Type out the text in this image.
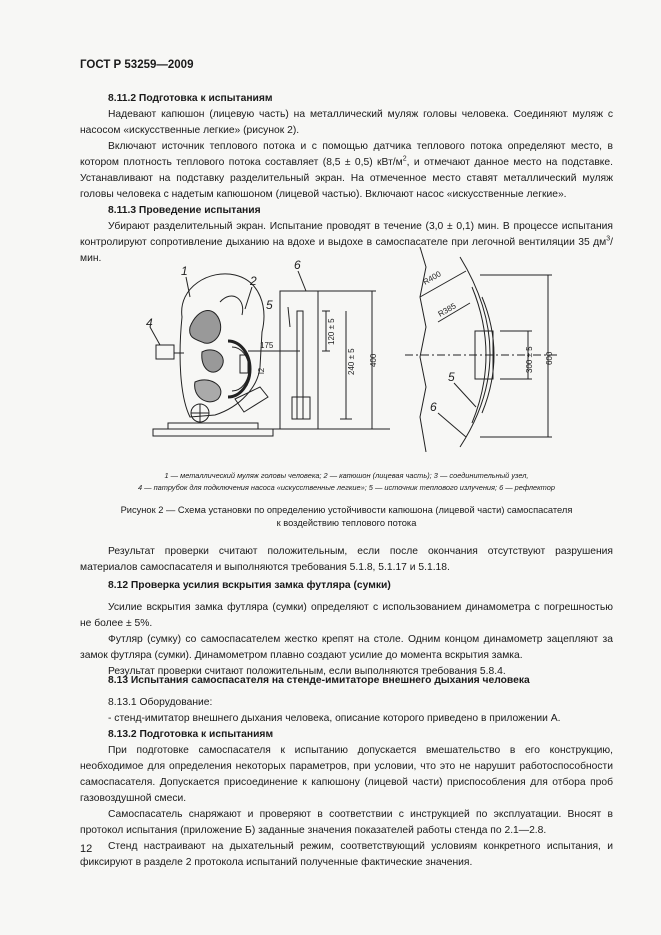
ГОСТ Р 53259—2009

8.11.2 Подготовка к испытаниям

Надевают капюшон (лицевую часть) на металлический муляж головы человека. Соединяют муляж с насосом «искусственные легкие» (рисунок 2).

Включают источник теплового потока и с помощью датчика теплового потока определяют место, в котором плотность теплового потока составляет (8,5 ± 0,5) кВт/$м^2$, и отмечают данное место на подставке. Устанавливают на подставку разделительный экран. На отмеченное место ставят металлический муляж головы человека с надетым капюшоном (лицевой частью). Включают насос «искусственные легкие».

8.11.3 Проведение испытания

Убирают разделительный экран. Испытание проводят в течение (3,0 ± 0,1) мин. В процессе испытания контролируют сопротивление дыханию на вдохе и выдохе в самоспасателе при легочной вентиляции 35 $дм^3$/мин.

1
2
4
l2
175
5
6
120 ± 5
240 ± 5 400
R400
R385
300 ± 5 600
5
6
1 — металлический муляж головы человека; 2 — капюшон (лицевая часть); 3 — соединительный узел,
4 — патрубок для подключения насоса «искусственные легкие»; 5 — источник теплового излучения; 6 — рефлектор
Рисунок 2 — Схема установки по определению устойчивости капюшона (лицевой части) самоспасателя
к воздействию теплового потока

Результат проверки считают положительным, если после окончания отсутствуют разрушения материалов самоспасателя и выполняются требования 5.1.8, 5.1.17 и 5.1.18.

8.12 Проверка усилия вскрытия замка футляра (сумки)

Усилие вскрытия замка футляра (сумки) определяют с использованием динамометра с погрешностью не более ± 5%.

Футляр (сумку) со самоспасателем жестко крепят на столе. Одним концом динамометр зацепляют за замок футляра (сумки). Динамометром плавно создают усилие до момента вскрытия замка.

Результат проверки считают положительным, если выполняются требования 5.8.4.

8.13 Испытания самоспасателя на стенде-имитаторе внешнего дыхания человека

8.13.1 Оборудование:

- стенд-имитатор внешнего дыхания человека, описание которого приведено в приложении А.

8.13.2 Подготовка к испытаниям

При подготовке самоспасателя к испытанию допускается вмешательство в его конструкцию, необходимое для определения некоторых параметров, при условии, что это не нарушит работоспособности самоспасателя. Допускается присоединение к капюшону (лицевой части) приспособления для отбора проб газовоздушной смеси.

Самоспасатель снаряжают и проверяют в соответствии с инструкцией по эксплуатации. Вносят в протокол испытания (приложение Б) заданные значения показателей работы стенда по 2.1—2.8.

Стенд настраивают на дыхательный режим, соответствующий условиям конкретного испытания, и фиксируют в разделе 2 протокола испытаний полученные фактические значения.

12
